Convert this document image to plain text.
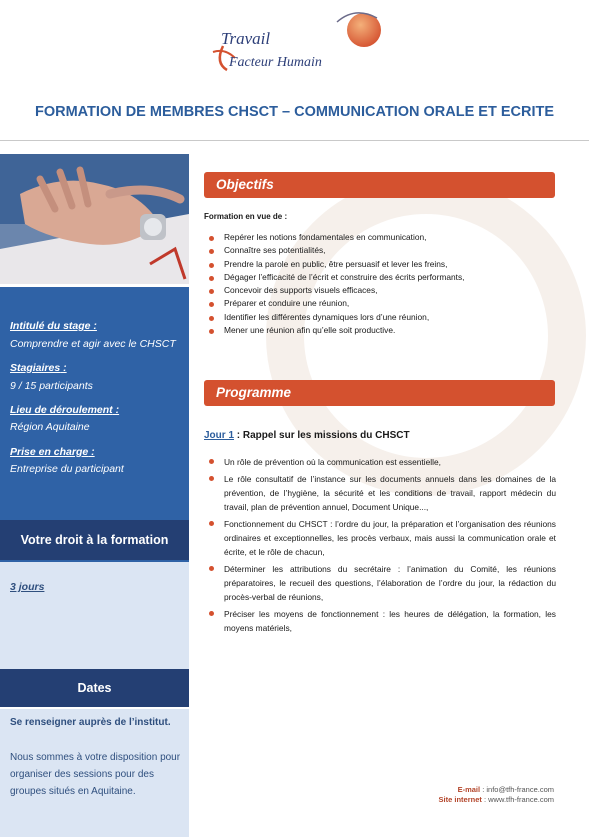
Travail
Facteur Humain
FORMATION DE MEMBRES CHSCT – COMMUNICATION ORALE ET ECRITE
Intitulé du stage :
Comprendre et agir avec le CHSCT
Stagiaires :
9 / 15 participants
Lieu de déroulement :
Région Aquitaine
Prise en charge :
Entreprise du participant
Votre droit à la formation
3 jours
Dates
Se renseigner auprès de l’institut.
Nous sommes à votre disposition pour organiser des sessions pour des groupes situés en Aquitaine.
Objectifs
Formation en vue de :
Repérer les notions fondamentales en communication,
Connaître ses potentialités,
Prendre la parole en public, être persuasif et lever les freins,
Dégager l’efficacité de l’écrit et construire des écrits performants,
Concevoir des supports visuels efficaces,
Préparer et conduire une réunion,
Identifier les différentes dynamiques lors d’une réunion,
Mener une réunion afin qu’elle soit productive.
Programme
Jour 1 : Rappel sur les missions du CHSCT
Un rôle de prévention où la communication est essentielle,
Le rôle consultatif de l’instance sur les documents annuels dans les domaines de la prévention, de l’hygiène, la sécurité et les conditions de travail, rapport médecin du travail, plan de prévention annuel, Document Unique...,
Fonctionnement du CHSCT : l’ordre du jour, la préparation et l’organisation des réunions ordinaires et exceptionnelles, les procès verbaux, mais aussi la communication orale et écrite, et le rôle de chacun,
Déterminer les attributions du secrétaire : l’animation du Comité, les réunions préparatoires, le recueil des questions, l’élaboration de l’ordre du jour, la rédaction du procès-verbal de réunions,
Préciser les moyens de fonctionnement : les heures de délégation, la formation, les moyens matériels,
E-mail : info@tfh-france.com
Site internet : www.tfh-france.com
